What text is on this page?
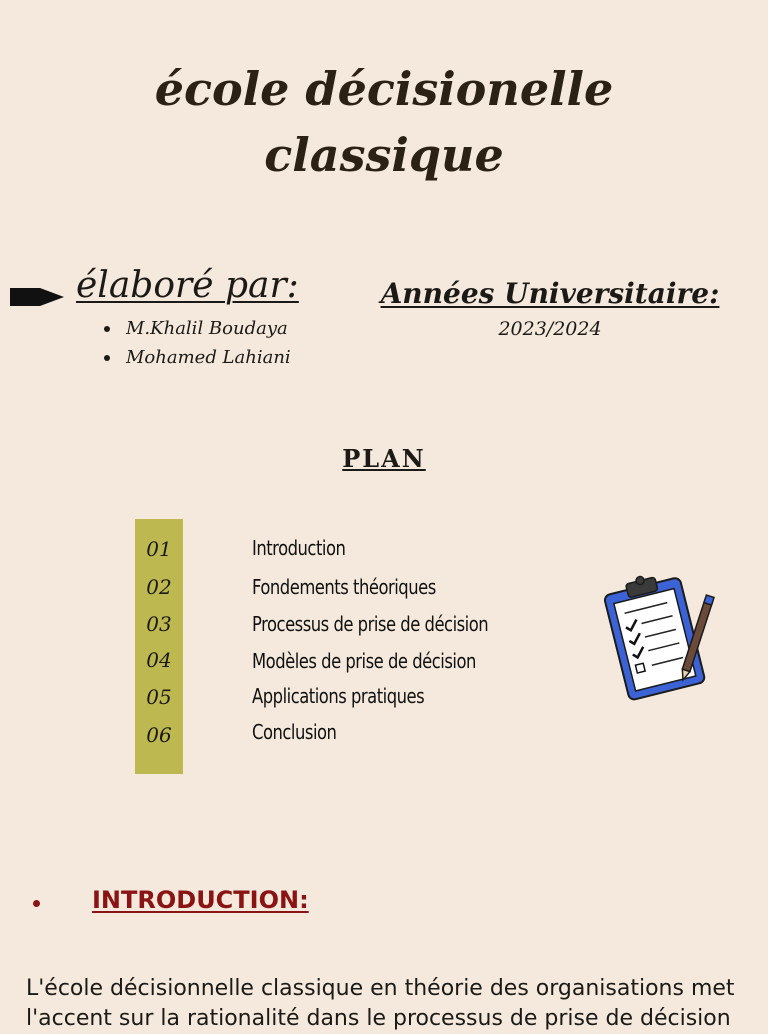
école décisionelle
classique
élaboré par:
M.Khalil Boudaya
Mohamed Lahiani
Années Universitaire:
2023/2024
PLAN
01
02
03
04
05
06
Introduction
Fondements théoriques
Processus de prise de décision
Modèles de prise de décision
Applications pratiques
Conclusion
INTRODUCTION:
L'école décisionnelle classique en théorie des organisations met l'accent sur la rationalité dans le processus de prise de décision
